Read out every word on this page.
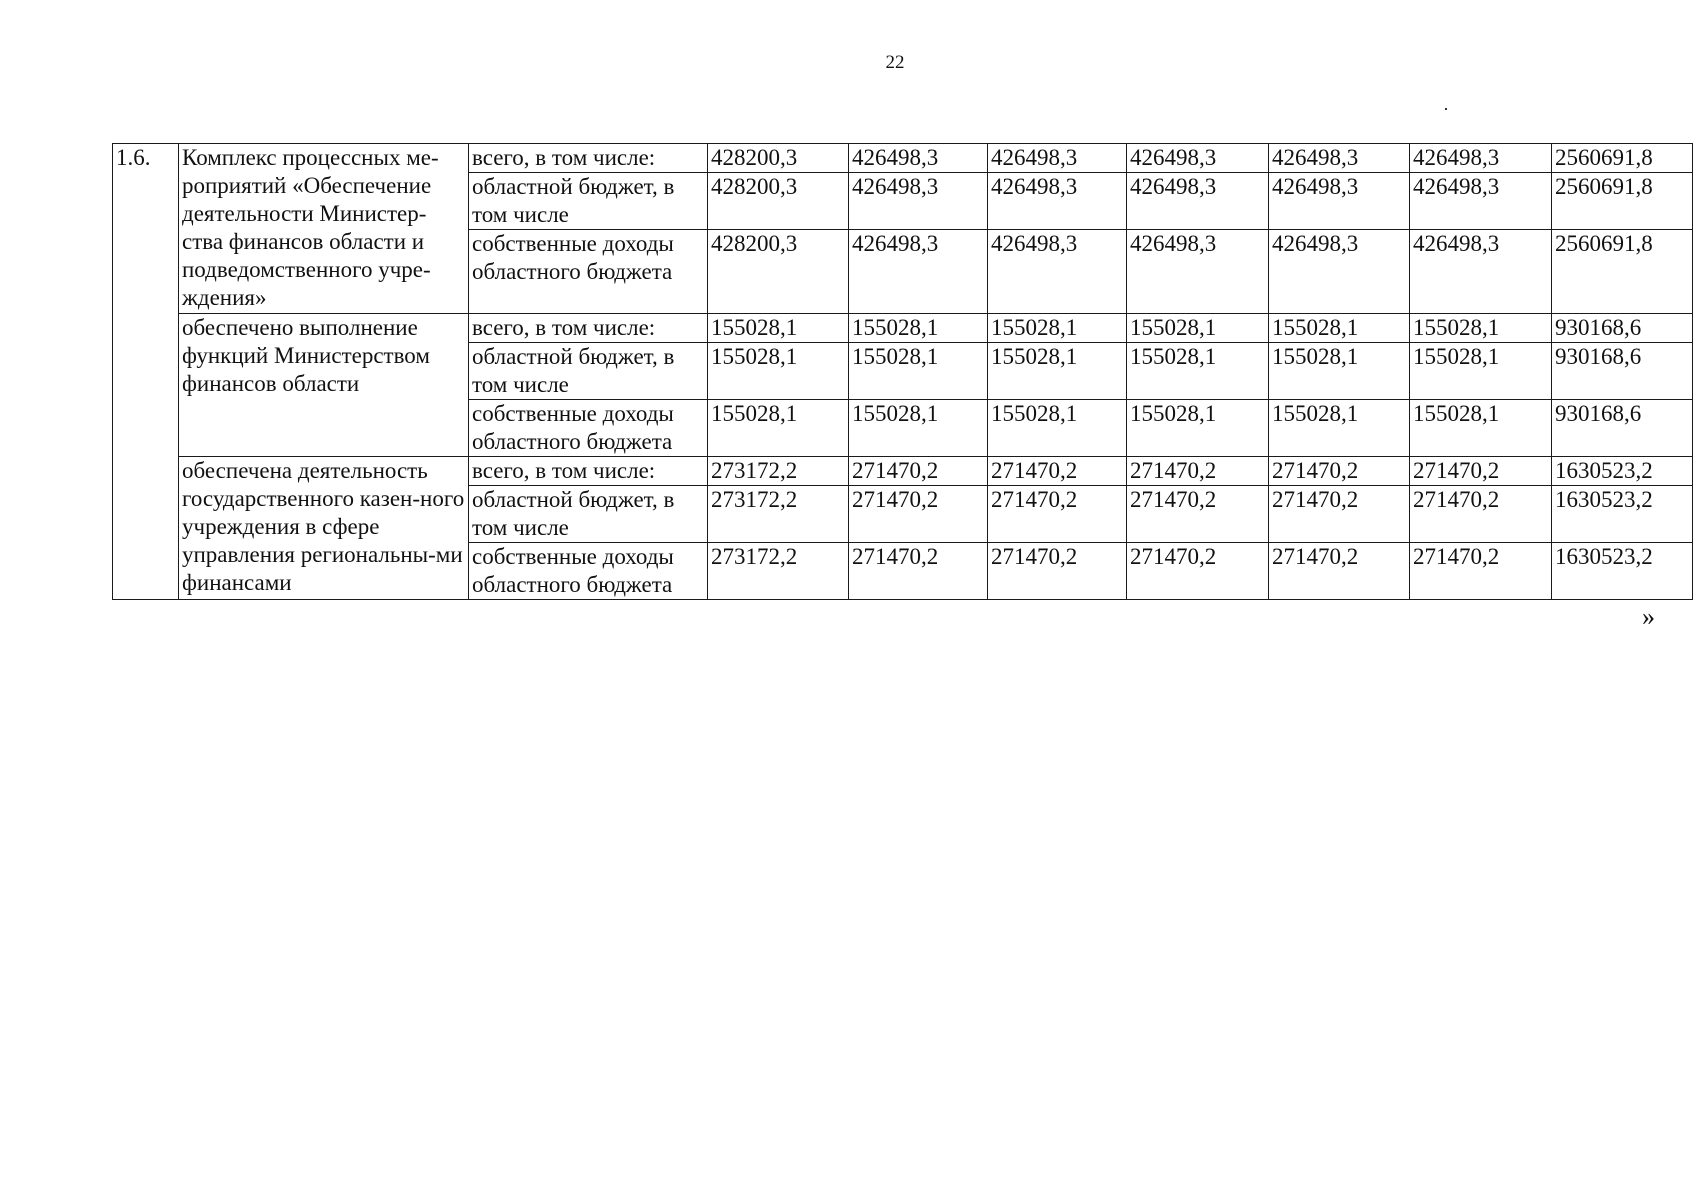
22
1.6.	Комплекс процессных ме-роприятий «Обеспечение деятельности Министер-ства финансов области и подведомственного учре-ждения»	всего, в том числе:	428200,3	426498,3	426498,3	426498,3	426498,3	426498,3	2560691,8
		областной бюджет, в том числе	428200,3	426498,3	426498,3	426498,3	426498,3	426498,3	2560691,8
		собственные доходы областного бюджета	428200,3	426498,3	426498,3	426498,3	426498,3	426498,3	2560691,8
	обеспечено выполнение функций Министерством финансов области	всего, в том числе:	155028,1	155028,1	155028,1	155028,1	155028,1	155028,1	930168,6
		областной бюджет, в том числе	155028,1	155028,1	155028,1	155028,1	155028,1	155028,1	930168,6
		собственные доходы областного бюджета	155028,1	155028,1	155028,1	155028,1	155028,1	155028,1	930168,6
	обеспечена деятельность государственного казен-ного учреждения в сфере управления региональны-ми финансами	всего, в том числе:	273172,2	271470,2	271470,2	271470,2	271470,2	271470,2	1630523,2
		областной бюджет, в том числе	273172,2	271470,2	271470,2	271470,2	271470,2	271470,2	1630523,2
		собственные доходы областного бюджета	273172,2	271470,2	271470,2	271470,2	271470,2	271470,2	1630523,2
»
